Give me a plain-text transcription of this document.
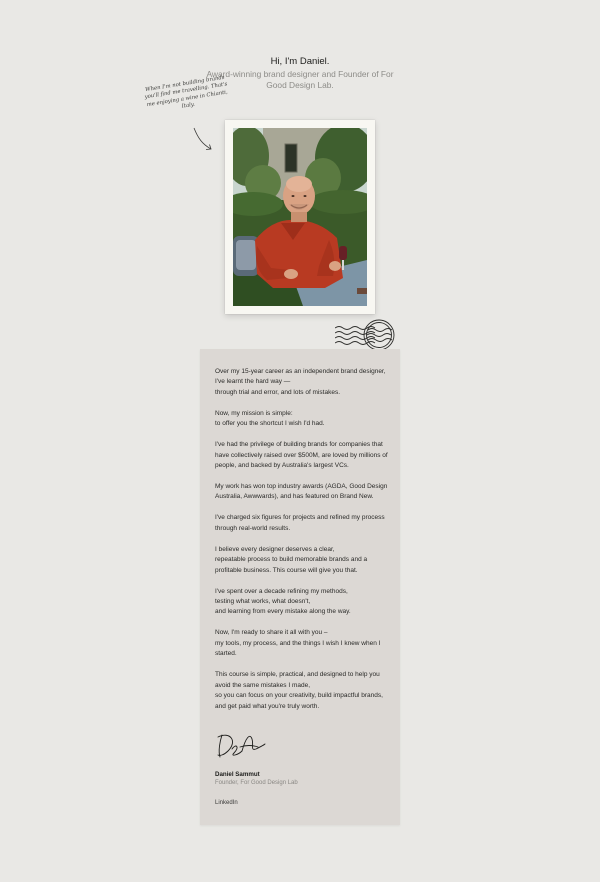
Hi, I'm Daniel.
Award-winning brand designer and Founder of For Good Design Lab.
When I'm not building brands you'll find me travelling. That's me enjoying a wine in Chianti, Italy.

Over my 15-year career as an independent brand designer, I've learnt the hard way —
through trial and error, and lots of mistakes.

Now, my mission is simple:
to offer you the shortcut I wish I'd had.

I've had the privilege of building brands for companies that have collectively raised over $500M, are loved by millions of people, and backed by Australia's largest VCs.

My work has won top industry awards (AGDA, Good Design Australia, Awwwards), and has featured on Brand New.

I've charged six figures for projects and refined my process through real-world results.

I believe every designer deserves a clear,
repeatable process to build memorable brands and a profitable business. This course will give you that.

I've spent over a decade refining my methods,
testing what works, what doesn't,
and learning from every mistake along the way.

Now, I'm ready to share it all with you –
my tools, my process, and the things I wish I knew when I started.

This course is simple, practical, and designed to help you avoid the same mistakes I made,
so you can focus on your creativity, build impactful brands, and get paid what you're truly worth.

Daniel Sammut
Founder, For Good Design Lab
LinkedIn
